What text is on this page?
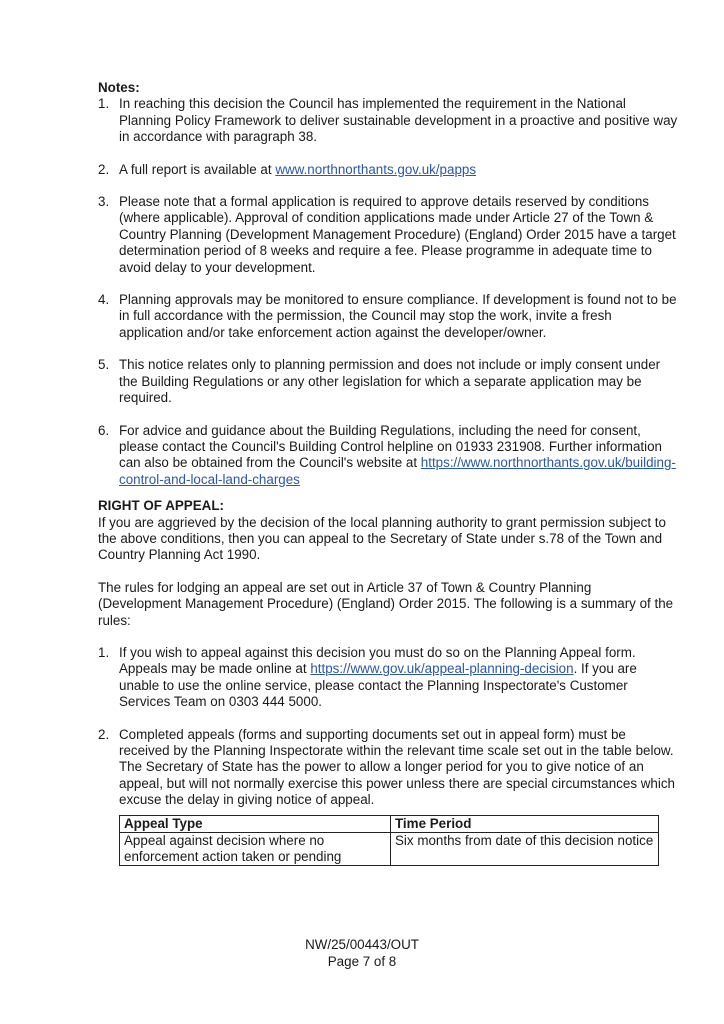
Notes:

1. In reaching this decision the Council has implemented the requirement in the National Planning Policy Framework to deliver sustainable development in a proactive and positive way in accordance with paragraph 38.
2. A full report is available at www.northnorthants.gov.uk/papps
3. Please note that a formal application is required to approve details reserved by conditions (where applicable). Approval of condition applications made under Article 27 of the Town & Country Planning (Development Management Procedure) (England) Order 2015 have a target determination period of 8 weeks and require a fee. Please programme in adequate time to avoid delay to your development.
4. Planning approvals may be monitored to ensure compliance. If development is found not to be in full accordance with the permission, the Council may stop the work, invite a fresh application and/or take enforcement action against the developer/owner.
5. This notice relates only to planning permission and does not include or imply consent under the Building Regulations or any other legislation for which a separate application may be required.
6. For advice and guidance about the Building Regulations, including the need for consent, please contact the Council's Building Control helpline on 01933 231908. Further information can also be obtained from the Council's website at https://www.northnorthants.gov.uk/building-control-and-local-land-charges

RIGHT OF APPEAL:

If you are aggrieved by the decision of the local planning authority to grant permission subject to the above conditions, then you can appeal to the Secretary of State under s.78 of the Town and Country Planning Act 1990.

The rules for lodging an appeal are set out in Article 37 of Town & Country Planning (Development Management Procedure) (England) Order 2015. The following is a summary of the rules:

1. If you wish to appeal against this decision you must do so on the Planning Appeal form. Appeals may be made online at https://www.gov.uk/appeal-planning-decision. If you are unable to use the online service, please contact the Planning Inspectorate's Customer Services Team on 0303 444 5000.
2. Completed appeals (forms and supporting documents set out in appeal form) must be received by the Planning Inspectorate within the relevant time scale set out in the table below. The Secretary of State has the power to allow a longer period for you to give notice of an appeal, but will not normally exercise this power unless there are special circumstances which excuse the delay in giving notice of appeal.
Appeal Type	Time Period
Appeal against decision where no enforcement action taken or pending	Six months from date of this decision notice
NW/25/00443/OUT
Page 7 of 8
